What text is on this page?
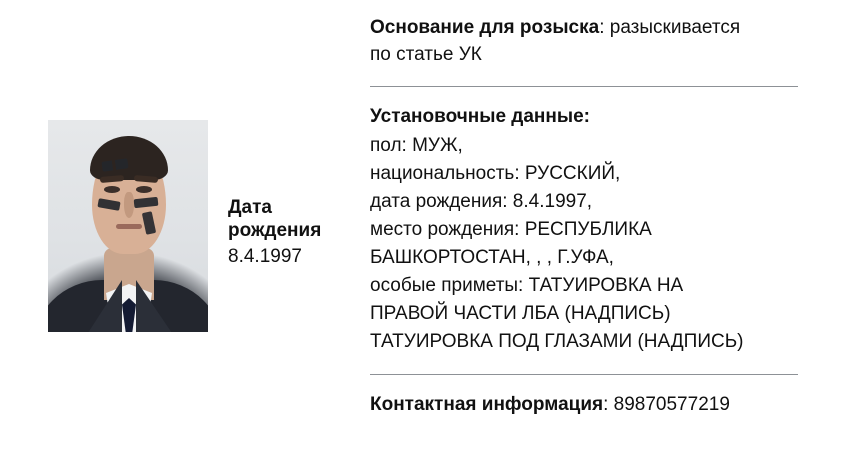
Дата
рождения
8.4.1997

Основание для розыска: разыскивается

по статье УК

Установочные данные:

пол: МУЖ,

национальность: РУССКИЙ,

дата рождения: 8.4.1997,

место рождения: РЕСПУБЛИКА

БАШКОРТОСТАН, , , Г.УФА,

особые приметы: ТАТУИРОВКА НА

ПРАВОЙ ЧАСТИ ЛБА (НАДПИСЬ)

ТАТУИРОВКА ПОД ГЛАЗАМИ (НАДПИСЬ)

Контактная информация: 89870577219
